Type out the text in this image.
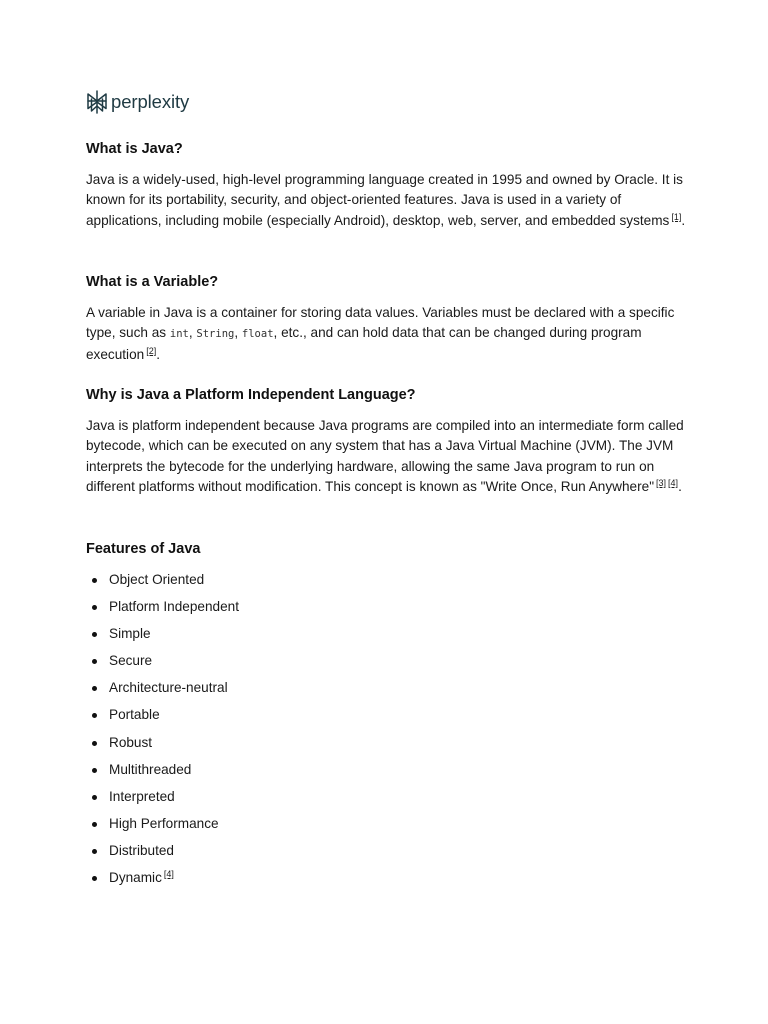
perplexity
What is Java?

Java is a widely-used, high-level programming language created in 1995 and owned by Oracle. It is known for its portability, security, and object-oriented features. Java is used in a variety of applications, including mobile (especially Android), desktop, web, server, and embedded systems [1].

What is a Variable?

A variable in Java is a container for storing data values. Variables must be declared with a specific type, such as int, String, float, etc., and can hold data that can be changed during program execution [2].

Why is Java a Platform Independent Language?

Java is platform independent because Java programs are compiled into an intermediate form called bytecode, which can be executed on any system that has a Java Virtual Machine (JVM). The JVM interprets the bytecode for the underlying hardware, allowing the same Java program to run on different platforms without modification. This concept is known as "Write Once, Run Anywhere" [3] [4].

Features of Java
Object Oriented
Platform Independent
Simple
Secure
Architecture-neutral
Portable
Robust
Multithreaded
Interpreted
High Performance
Distributed
Dynamic [4]
